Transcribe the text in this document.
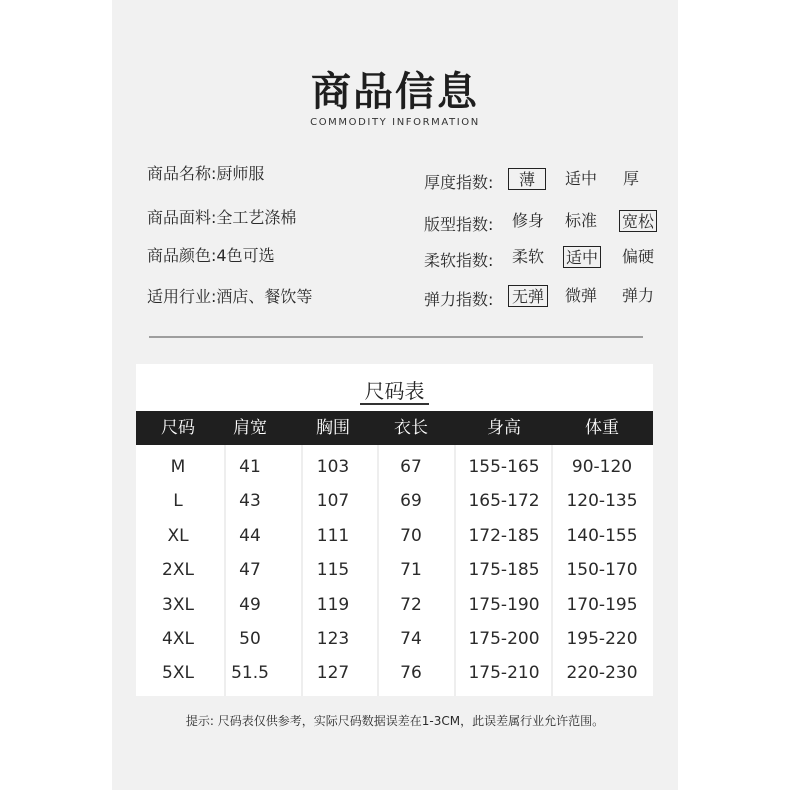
商品信息
COMMODITY INFORMATION
商品名称:厨师服
商品面料:全工艺涤棉
商品颜色:4色可选
适用行业:酒店、餐饮等
厚度指数:	薄	适中 厚
版型指数: 修身 标准 宽松
柔软指数: 柔软 适中 偏硬
弹力指数: 无弹 微弹 弹力
尺码表
尺码	肩宽	胸围	衣长	身高	体重
M	41	103	67	155-165	90-120
L	43	107	69	165-172	120-135
XL	44	111	70	172-185	140-155
2XL	47	115	71	175-185	150-170
3XL	49	119	72	175-190	170-195
4XL	50	123	74	175-200	195-220
5XL	51.5	127	76	175-210	220-230
提示: 尺码表仅供参考，实际尺码数据误差在1-3CM，此误差属行业允许范围。
